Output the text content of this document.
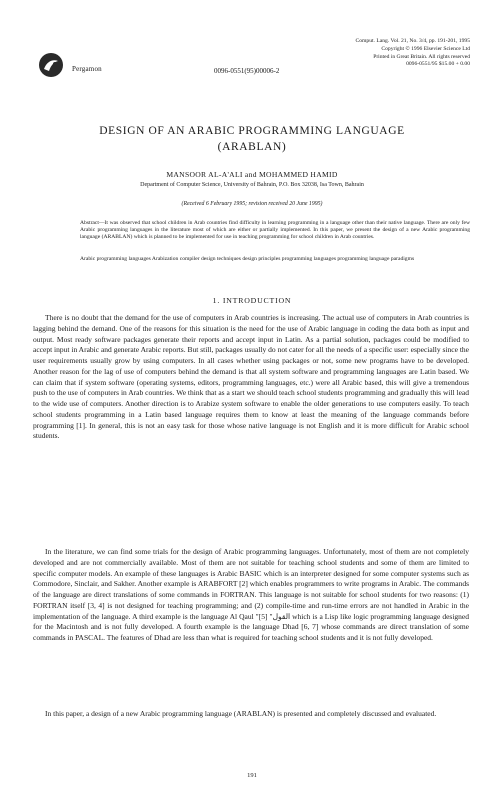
Pergamon	0096-0551(95)00006-2
Comput. Lang. Vol. 21, No. 3/4, pp. 191-201, 1995
Copyright © 1996 Elsevier Science Ltd
Printed in Great Britain. All rights reserved
0096-0551/95 $15.00 + 0.00
DESIGN OF AN ARABIC PROGRAMMING LANGUAGE
(ARABLAN)
MANSOOR AL-A'ALI and MOHAMMED HAMID
Department of Computer Science, University of Bahrain, P.O. Box 32038, Isa Town, Bahrain
(Received 6 February 1995; revision received 20 June 1995)

Abstract—It was observed that school children in Arab countries find difficulty in learning programming in a language other than their native language. There are only few Arabic programming languages in the literature most of which are either or partially implemented. In this paper, we present the design of a new Arabic programming language (ARABLAN) which is planned to be implemented for use in teaching programming for school children in Arab countries.

Arabic programming languages Arabization compiler design techniques design principles programming languages programming language paradigms

1. INTRODUCTION

There is no doubt that the demand for the use of computers in Arab countries is increasing. The actual use of computers in Arab countries is lagging behind the demand. One of the reasons for this situation is the need for the use of Arabic language in coding the data both as input and output. Most ready software packages generate their reports and accept input in Latin. As a partial solution, packages could be modified to accept input in Arabic and generate Arabic reports. But still, packages usually do not cater for all the needs of a specific user: especially since the user requirements usually grow by using computers. In all cases whether using packages or not, some new programs have to be developed. Another reason for the lag of use of computers behind the demand is that all system software and programming languages are Latin based. We can claim that if system software (operating systems, editors, programming languages, etc.) were all Arabic based, this will give a tremendous push to the use of computers in Arab countries. We think that as a start we should teach school students programming and gradually this will lead to the wide use of computers. Another direction is to Arabize system software to enable the older generations to use computers easily. To teach school students programming in a Latin based language requires them to know at least the meaning of the language commands before programming [1]. In general, this is not an easy task for those whose native language is not English and it is more difficult for Arabic school students.

In the literature, we can find some trials for the design of Arabic programming languages. Unfortunately, most of them are not completely developed and are not commercially available. Most of them are not suitable for teaching school students and some of them are limited to specific computer models. An example of these languages is Arabic BASIC which is an interpreter designed for some computer systems such as Commodore, Sinclair, and Sakher. Another example is ARABFORT [2] which enables programmers to write programs in Arabic. The commands of the language are direct translations of some commands in FORTRAN. This language is not suitable for school students for two reasons: (1) FORTRAN itself [3, 4] is not designed for teaching programming; and (2) compile-time and run-time errors are not handled in Arabic in the implementation of the language. A third example is the language Al Qaul "القول" [5] which is a Lisp like logic programming language designed for the Macintosh and is not fully developed. A fourth example is the language Dhad [6, 7] whose commands are direct translation of some commands in PASCAL. The features of Dhad are less than what is required for teaching school students and it is not fully developed.

In this paper, a design of a new Arabic programming language (ARABLAN) is presented and completely discussed and evaluated.

191
